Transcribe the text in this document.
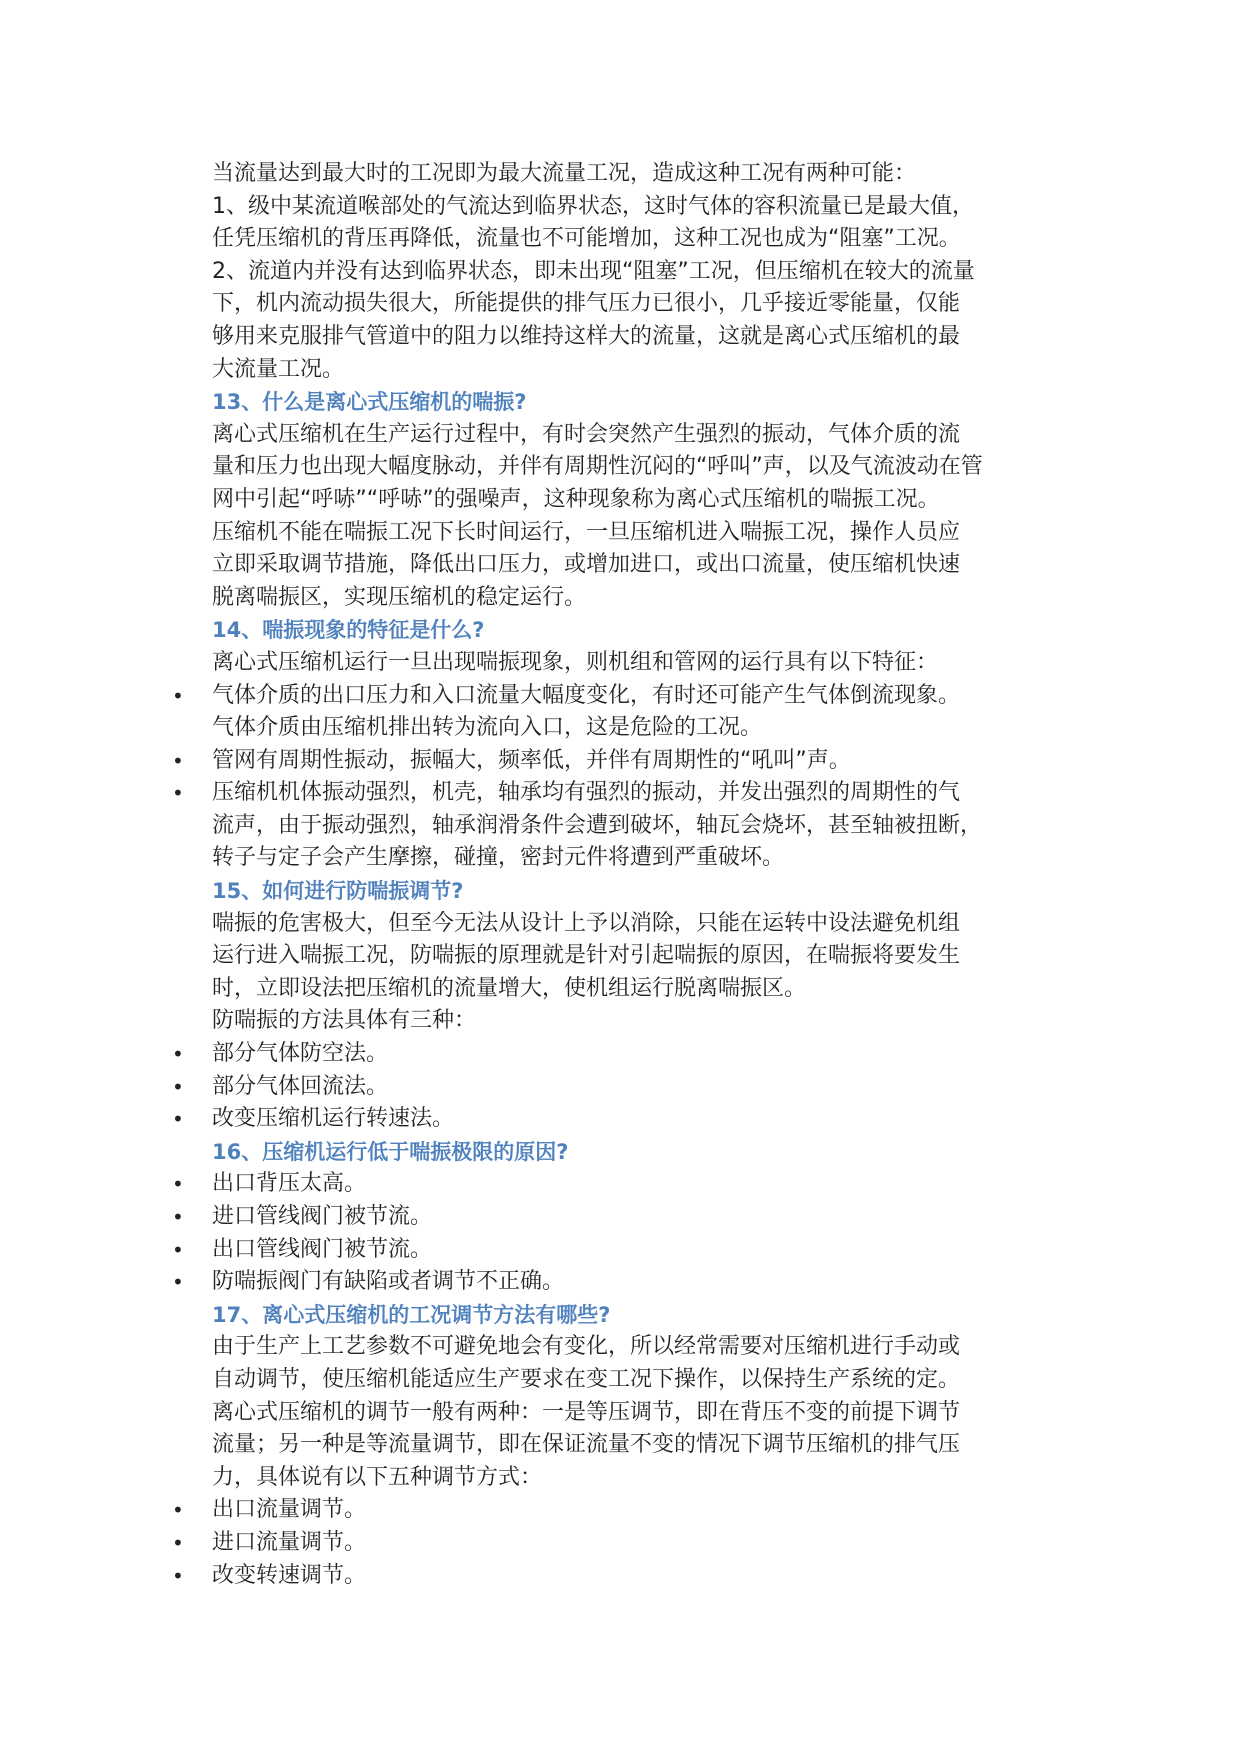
当流量达到最大时的工况即为最大流量工况，造成这种工况有两种可能：
1、级中某流道喉部处的气流达到临界状态，这时气体的容积流量已是最大值，
任凭压缩机的背压再降低，流量也不可能增加，这种工况也成为“阻塞”工况。
2、流道内并没有达到临界状态，即未出现“阻塞”工况，但压缩机在较大的流量
下，机内流动损失很大，所能提供的排气压力已很小，几乎接近零能量，仅能
够用来克服排气管道中的阻力以维持这样大的流量，这就是离心式压缩机的最
大流量工况。
13、什么是离心式压缩机的喘振?
离心式压缩机在生产运行过程中，有时会突然产生强烈的振动，气体介质的流
量和压力也出现大幅度脉动，并伴有周期性沉闷的“呼叫”声，以及气流波动在管
网中引起“呼哧”“呼哧”的强噪声，这种现象称为离心式压缩机的喘振工况。
压缩机不能在喘振工况下长时间运行，一旦压缩机进入喘振工况，操作人员应
立即采取调节措施，降低出口压力，或增加进口，或出口流量，使压缩机快速
脱离喘振区，实现压缩机的稳定运行。
14、喘振现象的特征是什么?
离心式压缩机运行一旦出现喘振现象，则机组和管网的运行具有以下特征：
•	气体介质的出口压力和入口流量大幅度变化，有时还可能产生气体倒流现象。
气体介质由压缩机排出转为流向入口，这是危险的工况。
•	管网有周期性振动，振幅大，频率低，并伴有周期性的“吼叫”声。
•	压缩机机体振动强烈，机壳，轴承均有强烈的振动，并发出强烈的周期性的气
流声，由于振动强烈，轴承润滑条件会遭到破坏，轴瓦会烧坏，甚至轴被扭断，
转子与定子会产生摩擦，碰撞，密封元件将遭到严重破坏。
15、如何进行防喘振调节?
喘振的危害极大，但至今无法从设计上予以消除，只能在运转中设法避免机组
运行进入喘振工况，防喘振的原理就是针对引起喘振的原因，在喘振将要发生
时，立即设法把压缩机的流量增大，使机组运行脱离喘振区。
防喘振的方法具体有三种：
•	部分气体防空法。
•	部分气体回流法。
•	改变压缩机运行转速法。
16、压缩机运行低于喘振极限的原因?
•	出口背压太高。
•	进口管线阀门被节流。
•	出口管线阀门被节流。
•	防喘振阀门有缺陷或者调节不正确。
17、离心式压缩机的工况调节方法有哪些?
由于生产上工艺参数不可避免地会有变化，所以经常需要对压缩机进行手动或
自动调节，使压缩机能适应生产要求在变工况下操作，以保持生产系统的定。
离心式压缩机的调节一般有两种：一是等压调节，即在背压不变的前提下调节
流量；另一种是等流量调节，即在保证流量不变的情况下调节压缩机的排气压
力，具体说有以下五种调节方式：
•	出口流量调节。
•	进口流量调节。
•	改变转速调节。
